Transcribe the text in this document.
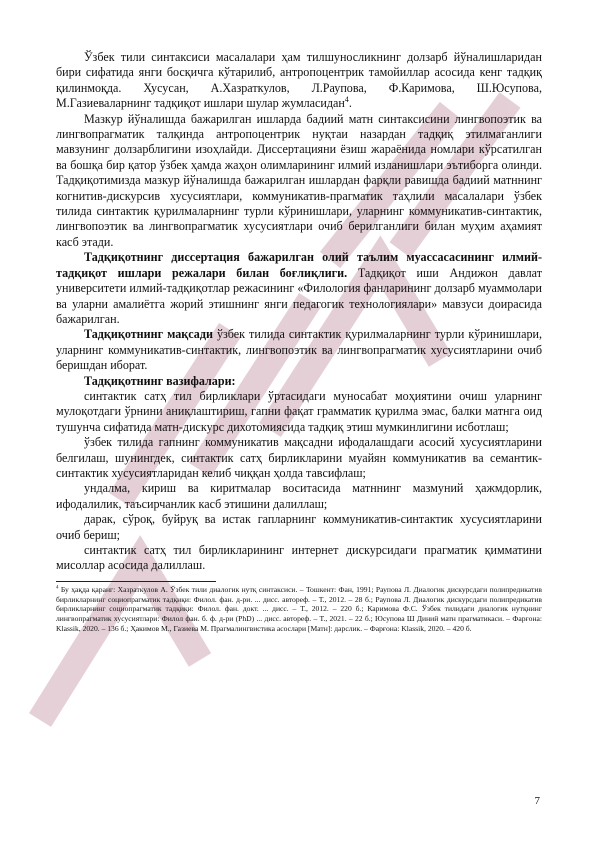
Ўзбек тили синтаксиси масалалари ҳам тилшуносликнинг долзарб йўналишларидан бири сифатида янги босқичга кўтарилиб, антропоцентрик тамойиллар асосида кенг тадқиқ қилинмоқда. Хусусан, А.Хазраткулов, Л.Раупова, Ф.Каримова, Ш.Юсупова, М.Газиеваларнинг тадқиқот ишлари шулар жумласидан$^4$.

Мазкур йўналишда бажарилган ишларда бадиий матн синтаксисини лингвопоэтик ва лингвопрагматик талқинда антропоцентрик нуқтаи назардан тадқиқ этилмаганлиги мавзунинг долзарблигини изоҳлайди. Диссертацияни ёзиш жараёнида номлари кўрсатилган ва бошқа бир қатор ўзбек ҳамда жаҳон олимларининг илмий изланишлари эътиборга олинди. Тадқиқотимизда мазкур йўналишда бажарилган ишлардан фарқли равишда бадиий матннинг когнитив-дискурсив хусусиятлари, коммуникатив-прагматик таҳлили масалалари ўзбек тилида синтактик қурилмаларнинг турли кўринишлари, уларнинг коммуникатив-синтактик, лингвопоэтик ва лингвопрагматик хусусиятлари очиб берилганлиги билан муҳим аҳамият касб этади.

Тадқиқотнинг диссертация бажарилган олий таълим муассасасининг илмий-тадқиқот ишлари режалари билан боғлиқлиги. Тадқиқот иши Андижон давлат университети илмий-тадқиқотлар режасининг «Филология фанларининг долзарб муаммолари ва уларни амалиётга жорий этишнинг янги педагогик технологиялари» мавзуси доирасида бажарилган.

Тадқиқотнинг мақсади ўзбек тилида синтактик қурилмаларнинг турли кўринишлари, уларнинг коммуникатив-синтактик, лингвопоэтик ва лингвопрагматик хусусиятларини очиб беришдан иборат.

Тадқиқотнинг вазифалари:

синтактик сатҳ тил бирликлари ўртасидаги муносабат моҳиятини очиш уларнинг мулоқотдаги ўрнини аниқлаштириш, гапни фақат грамматик қурилма эмас, балки матнга оид тушунча сифатида матн-дискурс дихотомиясида тадқиқ этиш мумкинлигини исботлаш;

ўзбек тилида гапнинг коммуникатив мақсадни ифодалашдаги асосий хусусиятларини белгилаш, шунингдек, синтактик сатҳ бирликларини муайян коммуникатив ва семантик-синтактик хусусиятларидан келиб чиққан ҳолда тавсифлаш;

ундалма, кириш ва киритмалар воситасида матннинг мазмуний ҳажмдорлик, ифодалилик, таъсирчанлик касб этишини далиллаш;

дарак, сўроқ, буйруқ ва истак гапларнинг коммуникатив-синтактик хусусиятларини очиб бериш;

синтактик сатҳ тил бирликларининг интернет дискурсидаги прагматик қимматини мисоллар асосида далиллаш.

$^4$ Бу ҳақда қаранг: Хазраткулов А. Ўзбек тили диалогик нутқ синтаксиси. – Тошкент: Фан, 1991; Раупова Л. Диалогик дискурсдаги полипредикатив бирликларнинг социопрагматик тадқиқи: Филол. фан. д-ри. ... дисс. автореф. – Т., 2012. – 28 б.; Раупова Л. Диалогик дискурсдаги полипредикатив бирликларнинг социопрагматик тадқиқи: Филол. фан. докт. ... дисс. – Т., 2012. – 220 б.; Каримова Ф.С. Ўзбек тилидаги диалогик нутқнинг лингвопрагматик хусусиятлари: Филол фан. б. ф. д-ри (PhD) ... дисс. автореф. – Т., 2021. – 22 б.; Юсупова Ш Диний матн прагматикаси. – Фарғона: Klassik, 2020. – 136 б.; Ҳакимов М., Газиева М. Прагмалингвистика асослари [Матн]: дарслик. – Фарғона: Klassik, 2020. – 420 б.

7
